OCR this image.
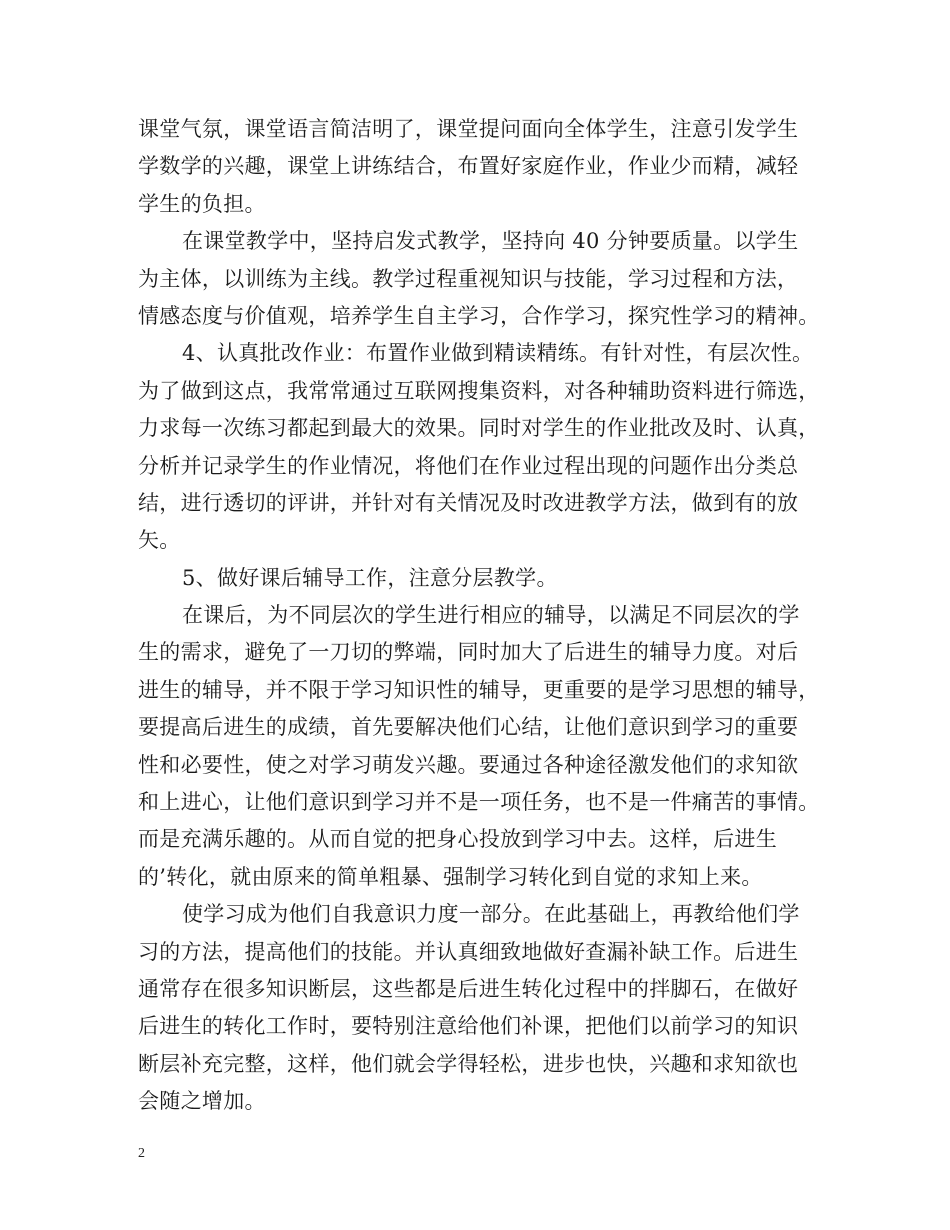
课堂气氛，课堂语言简洁明了，课堂提问面向全体学生，注意引发学生
学数学的兴趣，课堂上讲练结合，布置好家庭作业，作业少而精，减轻
学生的负担。
在课堂教学中，坚持启发式教学，坚持向 40 分钟要质量。以学生
为主体，以训练为主线。教学过程重视知识与技能，学习过程和方法，
情感态度与价值观，培养学生自主学习，合作学习，探究性学习的精神。
4、认真批改作业：布置作业做到精读精练。有针对性，有层次性。
为了做到这点，我常常通过互联网搜集资料，对各种辅助资料进行筛选，
力求每一次练习都起到最大的效果。同时对学生的作业批改及时、认真，
分析并记录学生的作业情况，将他们在作业过程出现的问题作出分类总
结，进行透切的评讲，并针对有关情况及时改进教学方法，做到有的放
矢。
5、做好课后辅导工作，注意分层教学。
在课后，为不同层次的学生进行相应的辅导，以满足不同层次的学
生的需求，避免了一刀切的弊端，同时加大了后进生的辅导力度。对后
进生的辅导，并不限于学习知识性的辅导，更重要的是学习思想的辅导，
要提高后进生的成绩，首先要解决他们心结，让他们意识到学习的重要
性和必要性，使之对学习萌发兴趣。要通过各种途径激发他们的求知欲
和上进心，让他们意识到学习并不是一项任务，也不是一件痛苦的事情。
而是充满乐趣的。从而自觉的把身心投放到学习中去。这样，后进生
的’转化，就由原来的简单粗暴、强制学习转化到自觉的求知上来。
使学习成为他们自我意识力度一部分。在此基础上，再教给他们学
习的方法，提高他们的技能。并认真细致地做好查漏补缺工作。后进生
通常存在很多知识断层，这些都是后进生转化过程中的拌脚石，在做好
后进生的转化工作时，要特别注意给他们补课，把他们以前学习的知识
断层补充完整，这样，他们就会学得轻松，进步也快，兴趣和求知欲也
会随之增加。
2
